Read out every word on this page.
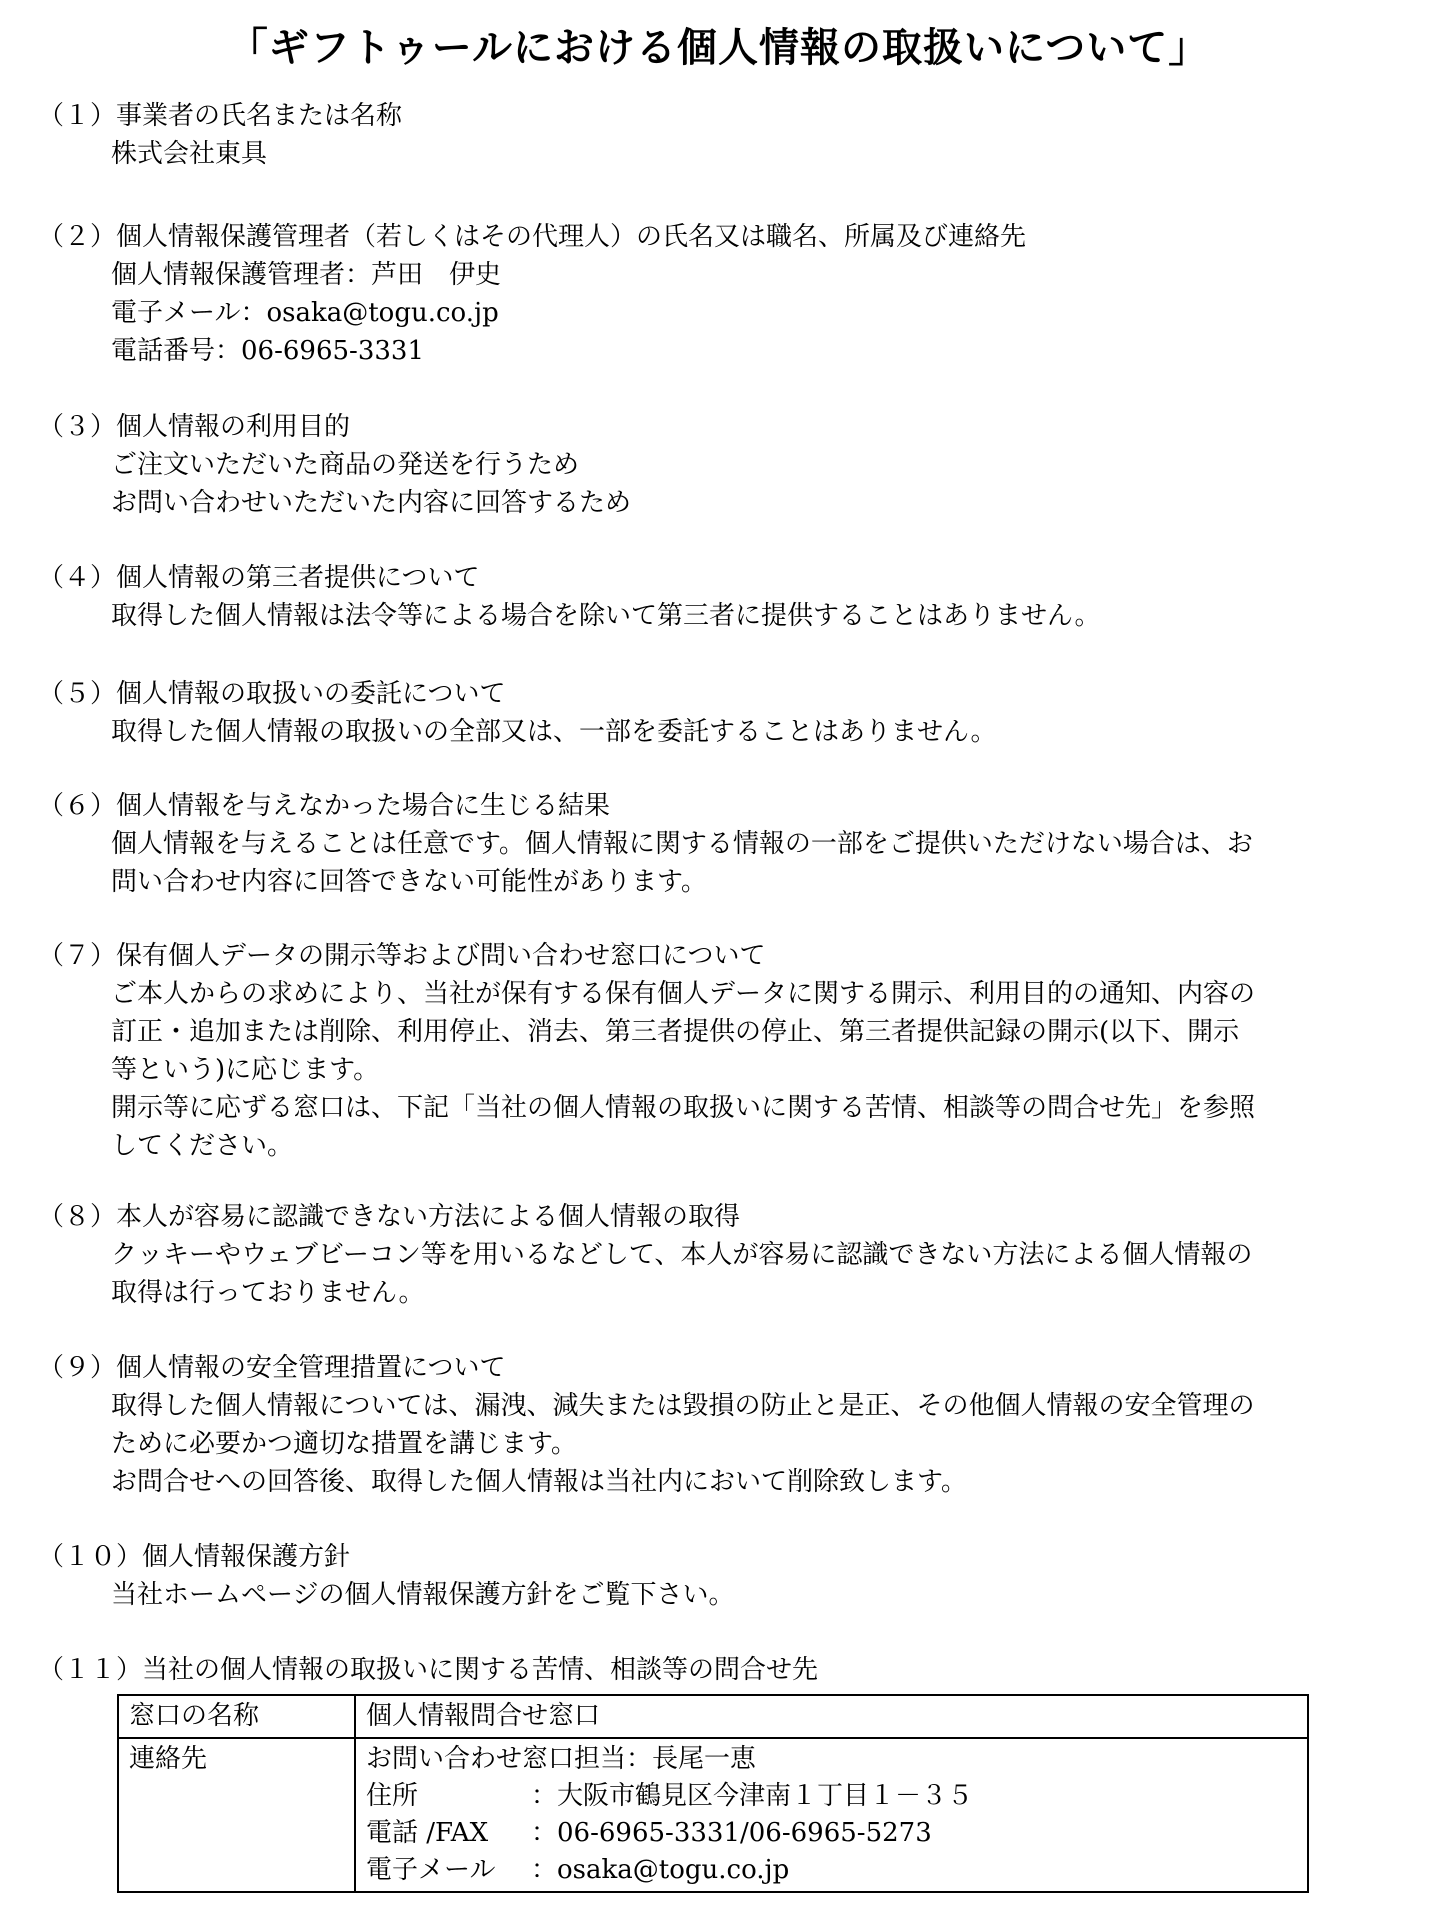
「ギフトゥールにおける個人情報の取扱いについて」
（１）事業者の氏名または名称
株式会社東具
（２）個人情報保護管理者（若しくはその代理人）の氏名又は職名、所属及び連絡先
個人情報保護管理者：芦田　伊史
電子メール：osaka@togu.co.jp
電話番号：06-6965-3331
（３）個人情報の利用目的
ご注文いただいた商品の発送を行うため
お問い合わせいただいた内容に回答するため
（４）個人情報の第三者提供について
取得した個人情報は法令等による場合を除いて第三者に提供することはありません。
（５）個人情報の取扱いの委託について
取得した個人情報の取扱いの全部又は、一部を委託することはありません。
（６）個人情報を与えなかった場合に生じる結果
個人情報を与えることは任意です。個人情報に関する情報の一部をご提供いただけない場合は、お
問い合わせ内容に回答できない可能性があります。
（７）保有個人データの開示等および問い合わせ窓口について
ご本人からの求めにより、当社が保有する保有個人データに関する開示、利用目的の通知、内容の
訂正・追加または削除、利用停止、消去、第三者提供の停止、第三者提供記録の開示(以下、開示
等という)に応じます。
開示等に応ずる窓口は、下記「当社の個人情報の取扱いに関する苦情、相談等の問合せ先」を参照
してください。
（８）本人が容易に認識できない方法による個人情報の取得
クッキーやウェブビーコン等を用いるなどして、本人が容易に認識できない方法による個人情報の
取得は行っておりません。
（９）個人情報の安全管理措置について
取得した個人情報については、漏洩、減失または毀損の防止と是正、その他個人情報の安全管理の
ために必要かつ適切な措置を講じます。
お問合せへの回答後、取得した個人情報は当社内において削除致します。
（１０）個人情報保護方針
当社ホームページの個人情報保護方針をご覧下さい。
（１１）当社の個人情報の取扱いに関する苦情、相談等の問合せ先
窓口の名称	個人情報問合せ窓口
連絡先	お問い合わせ窓口担当：長尾一恵
住所 ：大阪市鶴見区今津南１丁目１－３５
電話 /FAX ：06-6965-3331/06-6965-5273
電子メール ：osaka@togu.co.jp
